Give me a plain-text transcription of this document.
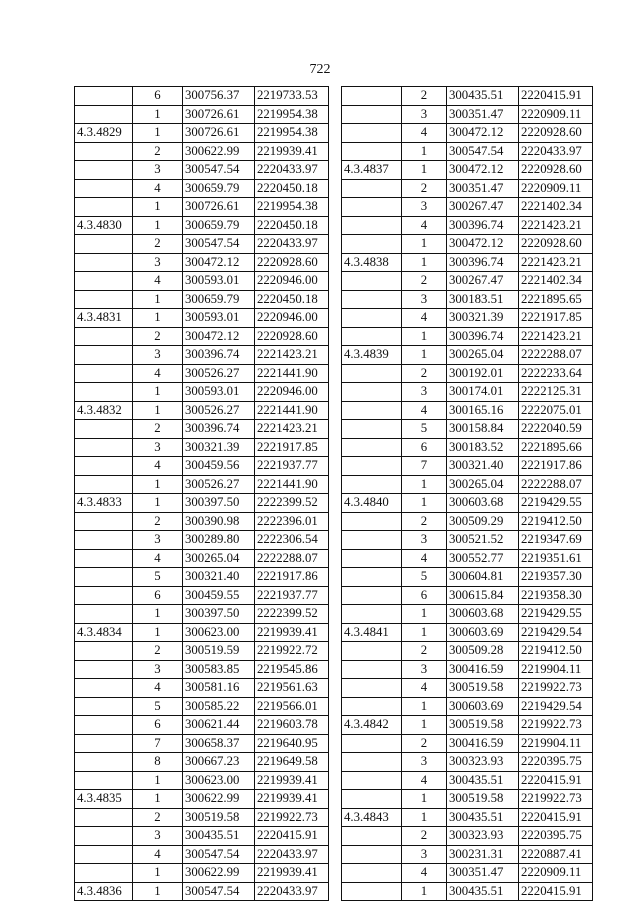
722
	6	300756.37	2219733.53
	1	300726.61	2219954.38
4.3.4829	1	300726.61	2219954.38
	2	300622.99	2219939.41
	3	300547.54	2220433.97
	4	300659.79	2220450.18
	1	300726.61	2219954.38
4.3.4830	1	300659.79	2220450.18
	2	300547.54	2220433.97
	3	300472.12	2220928.60
	4	300593.01	2220946.00
	1	300659.79	2220450.18
4.3.4831	1	300593.01	2220946.00
	2	300472.12	2220928.60
	3	300396.74	2221423.21
	4	300526.27	2221441.90
	1	300593.01	2220946.00
4.3.4832	1	300526.27	2221441.90
	2	300396.74	2221423.21
	3	300321.39	2221917.85
	4	300459.56	2221937.77
	1	300526.27	2221441.90
4.3.4833	1	300397.50	2222399.52
	2	300390.98	2222396.01
	3	300289.80	2222306.54
	4	300265.04	2222288.07
	5	300321.40	2221917.86
	6	300459.55	2221937.77
	1	300397.50	2222399.52
4.3.4834	1	300623.00	2219939.41
	2	300519.59	2219922.72
	3	300583.85	2219545.86
	4	300581.16	2219561.63
	5	300585.22	2219566.01
	6	300621.44	2219603.78
	7	300658.37	2219640.95
	8	300667.23	2219649.58
	1	300623.00	2219939.41
4.3.4835	1	300622.99	2219939.41
	2	300519.58	2219922.73
	3	300435.51	2220415.91
	4	300547.54	2220433.97
	1	300622.99	2219939.41
4.3.4836	1	300547.54	2220433.97
	2	300435.51	2220415.91
	3	300351.47	2220909.11
	4	300472.12	2220928.60
	1	300547.54	2220433.97
4.3.4837	1	300472.12	2220928.60
	2	300351.47	2220909.11
	3	300267.47	2221402.34
	4	300396.74	2221423.21
	1	300472.12	2220928.60
4.3.4838	1	300396.74	2221423.21
	2	300267.47	2221402.34
	3	300183.51	2221895.65
	4	300321.39	2221917.85
	1	300396.74	2221423.21
4.3.4839	1	300265.04	2222288.07
	2	300192.01	2222233.64
	3	300174.01	2222125.31
	4	300165.16	2222075.01
	5	300158.84	2222040.59
	6	300183.52	2221895.66
	7	300321.40	2221917.86
	1	300265.04	2222288.07
4.3.4840	1	300603.68	2219429.55
	2	300509.29	2219412.50
	3	300521.52	2219347.69
	4	300552.77	2219351.61
	5	300604.81	2219357.30
	6	300615.84	2219358.30
	1	300603.68	2219429.55
4.3.4841	1	300603.69	2219429.54
	2	300509.28	2219412.50
	3	300416.59	2219904.11
	4	300519.58	2219922.73
	1	300603.69	2219429.54
4.3.4842	1	300519.58	2219922.73
	2	300416.59	2219904.11
	3	300323.93	2220395.75
	4	300435.51	2220415.91
	1	300519.58	2219922.73
4.3.4843	1	300435.51	2220415.91
	2	300323.93	2220395.75
	3	300231.31	2220887.41
	4	300351.47	2220909.11
	1	300435.51	2220415.91
